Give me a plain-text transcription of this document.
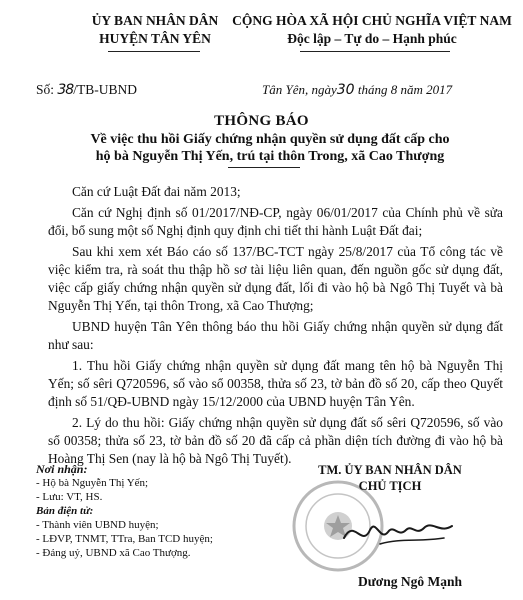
ỦY BAN NHÂN DÂN
HUYỆN TÂN YÊN
CỘNG HÒA XÃ HỘI CHỦ NGHĨA VIỆT NAM
Độc lập – Tự do – Hạnh phúc
Số: 38/TB-UBND	Tân Yên, ngày30 tháng 8 năm 2017
THÔNG BÁO
Về việc thu hồi Giấy chứng nhận quyền sử dụng đất cấp cho
hộ bà Nguyễn Thị Yến, trú tại thôn Trong, xã Cao Thượng

Căn cứ Luật Đất đai năm 2013;

Căn cứ Nghị định số 01/2017/NĐ-CP, ngày 06/01/2017 của Chính phủ về sửa đổi, bổ sung một số Nghị định quy định chi tiết thi hành Luật Đất đai;

Sau khi xem xét Báo cáo số 137/BC-TCT ngày 25/8/2017 của Tổ công tác về việc kiểm tra, rà soát thu thập hồ sơ tài liệu liên quan, đến nguồn gốc sử dụng đất, việc cấp giấy chứng nhận quyền sử dụng đất, lối đi vào hộ bà Ngô Thị Tuyết và bà Nguyễn Thị Yến, tại thôn Trong, xã Cao Thượng;

UBND huyện Tân Yên thông báo thu hồi Giấy chứng nhận quyền sử dụng đất như sau:

1. Thu hồi Giấy chứng nhận quyền sử dụng đất mang tên hộ bà Nguyễn Thị Yến; số sêri Q720596, số vào sổ 00358, thửa số 23, tờ bản đồ số 20, cấp theo Quyết định số 51/QĐ-UBND ngày 15/12/2000 của UBND huyện Tân Yên.

2. Lý do thu hồi: Giấy chứng nhận quyền sử dụng đất số sêri Q720596, số vào sổ 00358; thửa số 23, tờ bản đồ số 20 đã cấp cả phần diện tích đường đi vào hộ bà Hoàng Thị Sen (nay là hộ bà Ngô Thị Tuyết).

Nơi nhận:
- Hộ bà Nguyễn Thị Yến;
- Lưu: VT, HS.
Bản điện tử:
- Thành viên UBND huyện;
- LĐVP, TNMT, TTra, Ban TCD huyện;
- Đảng uỷ, UBND xã Cao Thượng.
TM. ỦY BAN NHÂN DÂN
CHỦ TỊCH
Dương Ngô Mạnh
